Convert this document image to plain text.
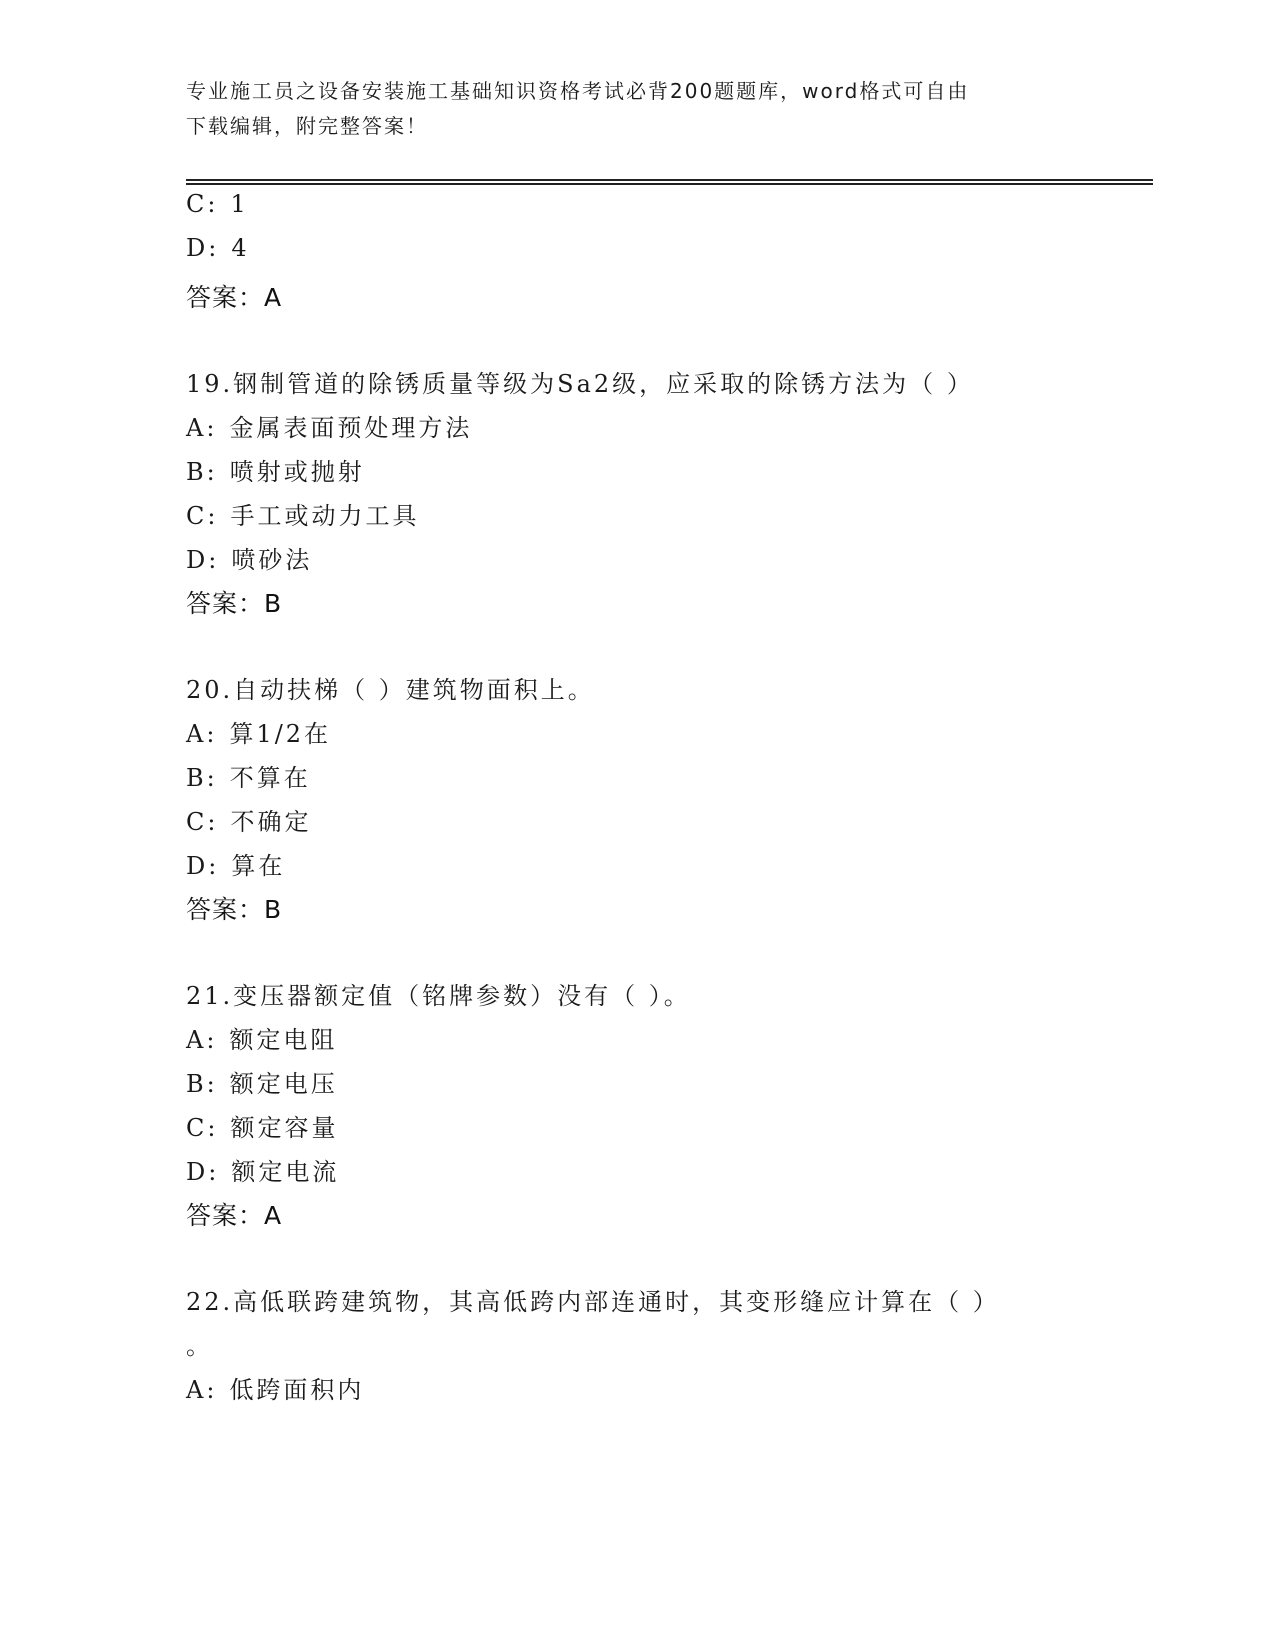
专业施工员之设备安装施工基础知识资格考试必背200题题库，word格式可自由
下载编辑，附完整答案！
C: 1
D: 4
答案：A
19.钢制管道的除锈质量等级为Sa2级，应采取的除锈方法为（ ）
A: 金属表面预处理方法
B: 喷射或抛射
C: 手工或动力工具
D: 喷砂法
答案：B
20.自动扶梯（ ）建筑物面积上。
A: 算1/2在
B: 不算在
C: 不确定
D: 算在
答案：B
21.变压器额定值（铭牌参数）没有（ ）。
A: 额定电阻
B: 额定电压
C: 额定容量
D: 额定电流
答案：A
22.高低联跨建筑物，其高低跨内部连通时，其变形缝应计算在（ ）
。
A: 低跨面积内
